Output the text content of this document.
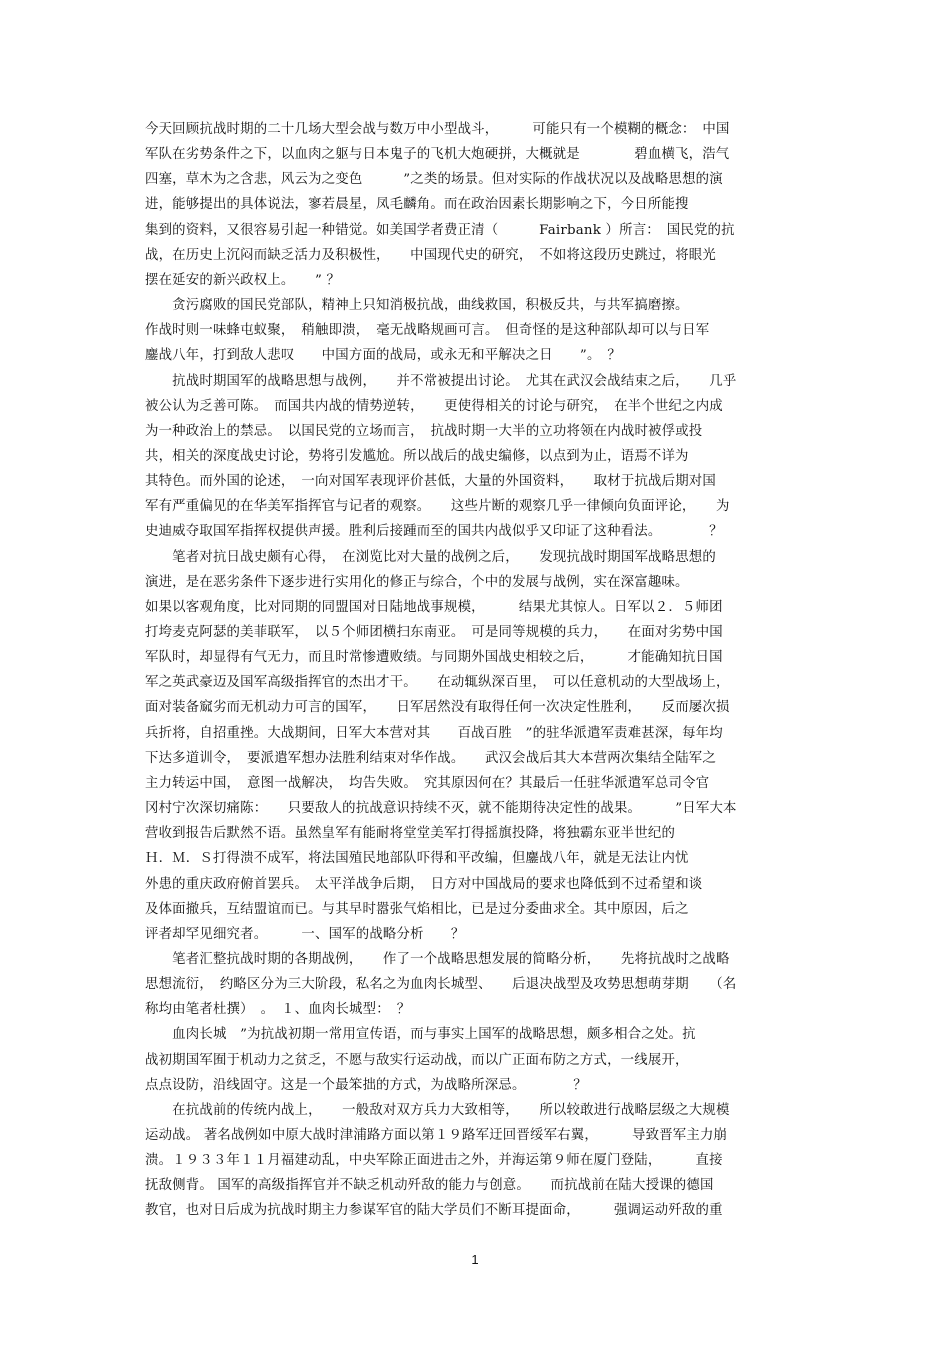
今天回顾抗战时期的二十几场大型会战与数万中小型战斗，　　　可能只有一个模糊的概念：　中国
军队在劣势条件之下，以血肉之躯与日本鬼子的飞机大炮硬拼，大概就是　　　　碧血横飞，浩气
四塞，草木为之含悲，风云为之变色　　　”之类的场景。但对实际的作战状况以及战略思想的演
进，能够提出的具体说法，寥若晨星，凤毛麟角。而在政治因素长期影响之下，今日所能搜
集到的资料，又很容易引起一种错觉。如美国学者费正清（　　　Fairbank ）所言：　国民党的抗
战，在历史上沉闷而缺乏活力及积极性，　　中国现代史的研究，　不如将这段历史跳过，将眼光
摆在延安的新兴政权上。　　” ？
　　贪污腐败的国民党部队，精神上只知消极抗战，曲线救国，积极反共，与共军搞磨擦。
作战时则一味蜂屯蚁聚，　稍触即溃，　毫无战略规画可言。　但奇怪的是这种部队却可以与日军
鏖战八年，打到敌人悲叹　　中国方面的战局，或永无和平解决之日　　”。　？
　　抗战时期国军的战略思想与战例，　　并不常被提出讨论。　尤其在武汉会战结束之后，　　几乎
被公认为乏善可陈。　而国共内战的情势逆转，　　更使得相关的讨论与研究，　在半个世纪之内成
为一种政治上的禁忌。　以国民党的立场而言，　抗战时期一大半的立功将领在内战时被俘或投
共，相关的深度战史讨论，势将引发尴尬。所以战后的战史编修，以点到为止，语焉不详为
其特色。而外国的论述，　一向对国军表现评价甚低，大量的外国资料，　　取材于抗战后期对国
军有严重偏见的在华美军指挥官与记者的观察。　　这些片断的观察几乎一律倾向负面评论，　　为
史迪威夺取国军指挥权提供声援。胜利后接踵而至的国共内战似乎又印证了这种看法。　　　　？
　　笔者对抗日战史颇有心得，　在浏览比对大量的战例之后，　　发现抗战时期国军战略思想的
演进，是在恶劣条件下逐步进行实用化的修正与综合，个中的发展与战例，实在深富趣味。
如果以客观角度，比对同期的同盟国对日陆地战事规模，　　　结果尤其惊人。日军以２．５师团
打垮麦克阿瑟的美菲联军，　以５个师团横扫东南亚。　可是同等规模的兵力，　　在面对劣势中国
军队时，却显得有气无力，而且时常惨遭败绩。与同期外国战史相较之后，　　　才能确知抗日国
军之英武豪迈及国军高级指挥官的杰出才干。　　在动辄纵深百里，　可以任意机动的大型战场上，
面对装备窳劣而无机动力可言的国军，　　日军居然没有取得任何一次决定性胜利，　　反而屡次损
兵折将，自招重挫。大战期间，日军大本营对其　　百战百胜　”的驻华派遣军责难甚深，每年均
下达多道训令，　要派遣军想办法胜利结束对华作战。　　武汉会战后其大本营两次集结全陆军之
主力转运中国，　意图一战解决，　均告失败。　究其原因何在？其最后一任驻华派遣军总司令官
冈村宁次深切痛陈：　　只要敌人的抗战意识持续不灭，就不能期待决定性的战果。　　　”日军大本
营收到报告后默然不语。虽然皇军有能耐将堂堂美军打得摇旗投降，将独霸东亚半世纪的
Ｈ．Ｍ．Ｓ打得溃不成军，将法国殖民地部队吓得和平改编，但鏖战八年，就是无法让内忧
外患的重庆政府俯首罢兵。　太平洋战争后期，　日方对中国战局的要求也降低到不过希望和谈
及体面撤兵，互结盟谊而已。与其早时嚣张气焰相比，已是过分委曲求全。其中原因，后之
评者却罕见细究者。　　　一、国军的战略分析　　？
　　笔者汇整抗战时期的各期战例，　　作了一个战略思想发展的简略分析，　　先将抗战时之战略
思想流衍，　约略区分为三大阶段，私名之为血肉长城型、　　后退决战型及攻势思想萌芽期　　（名
称均由笔者杜撰）　。　１、血肉长城型：　？
　　血肉长城　”为抗战初期一常用宣传语，而与事实上国军的战略思想，颇多相合之处。抗
战初期国军囿于机动力之贫乏，不愿与敌实行运动战，而以广正面布防之方式，一线展开，
点点设防，沿线固守。这是一个最笨拙的方式，为战略所深忌。　　　　？
　　在抗战前的传统内战上，　　一般敌对双方兵力大致相等，　　所以较敢进行战略层级之大规模
运动战。 著名战例如中原大战时津浦路方面以第１９路军迂回晋绥军右翼，　　　导致晋军主力崩
溃。１９３３年１１月福建动乱，中央军除正面进击之外，并海运第９师在厦门登陆，　　　直接
抚敌侧背。 国军的高级指挥官并不缺乏机动歼敌的能力与创意。　　而抗战前在陆大授课的德国
教官，也对日后成为抗战时期主力参谋军官的陆大学员们不断耳提面命，　　　强调运动歼敌的重
1
